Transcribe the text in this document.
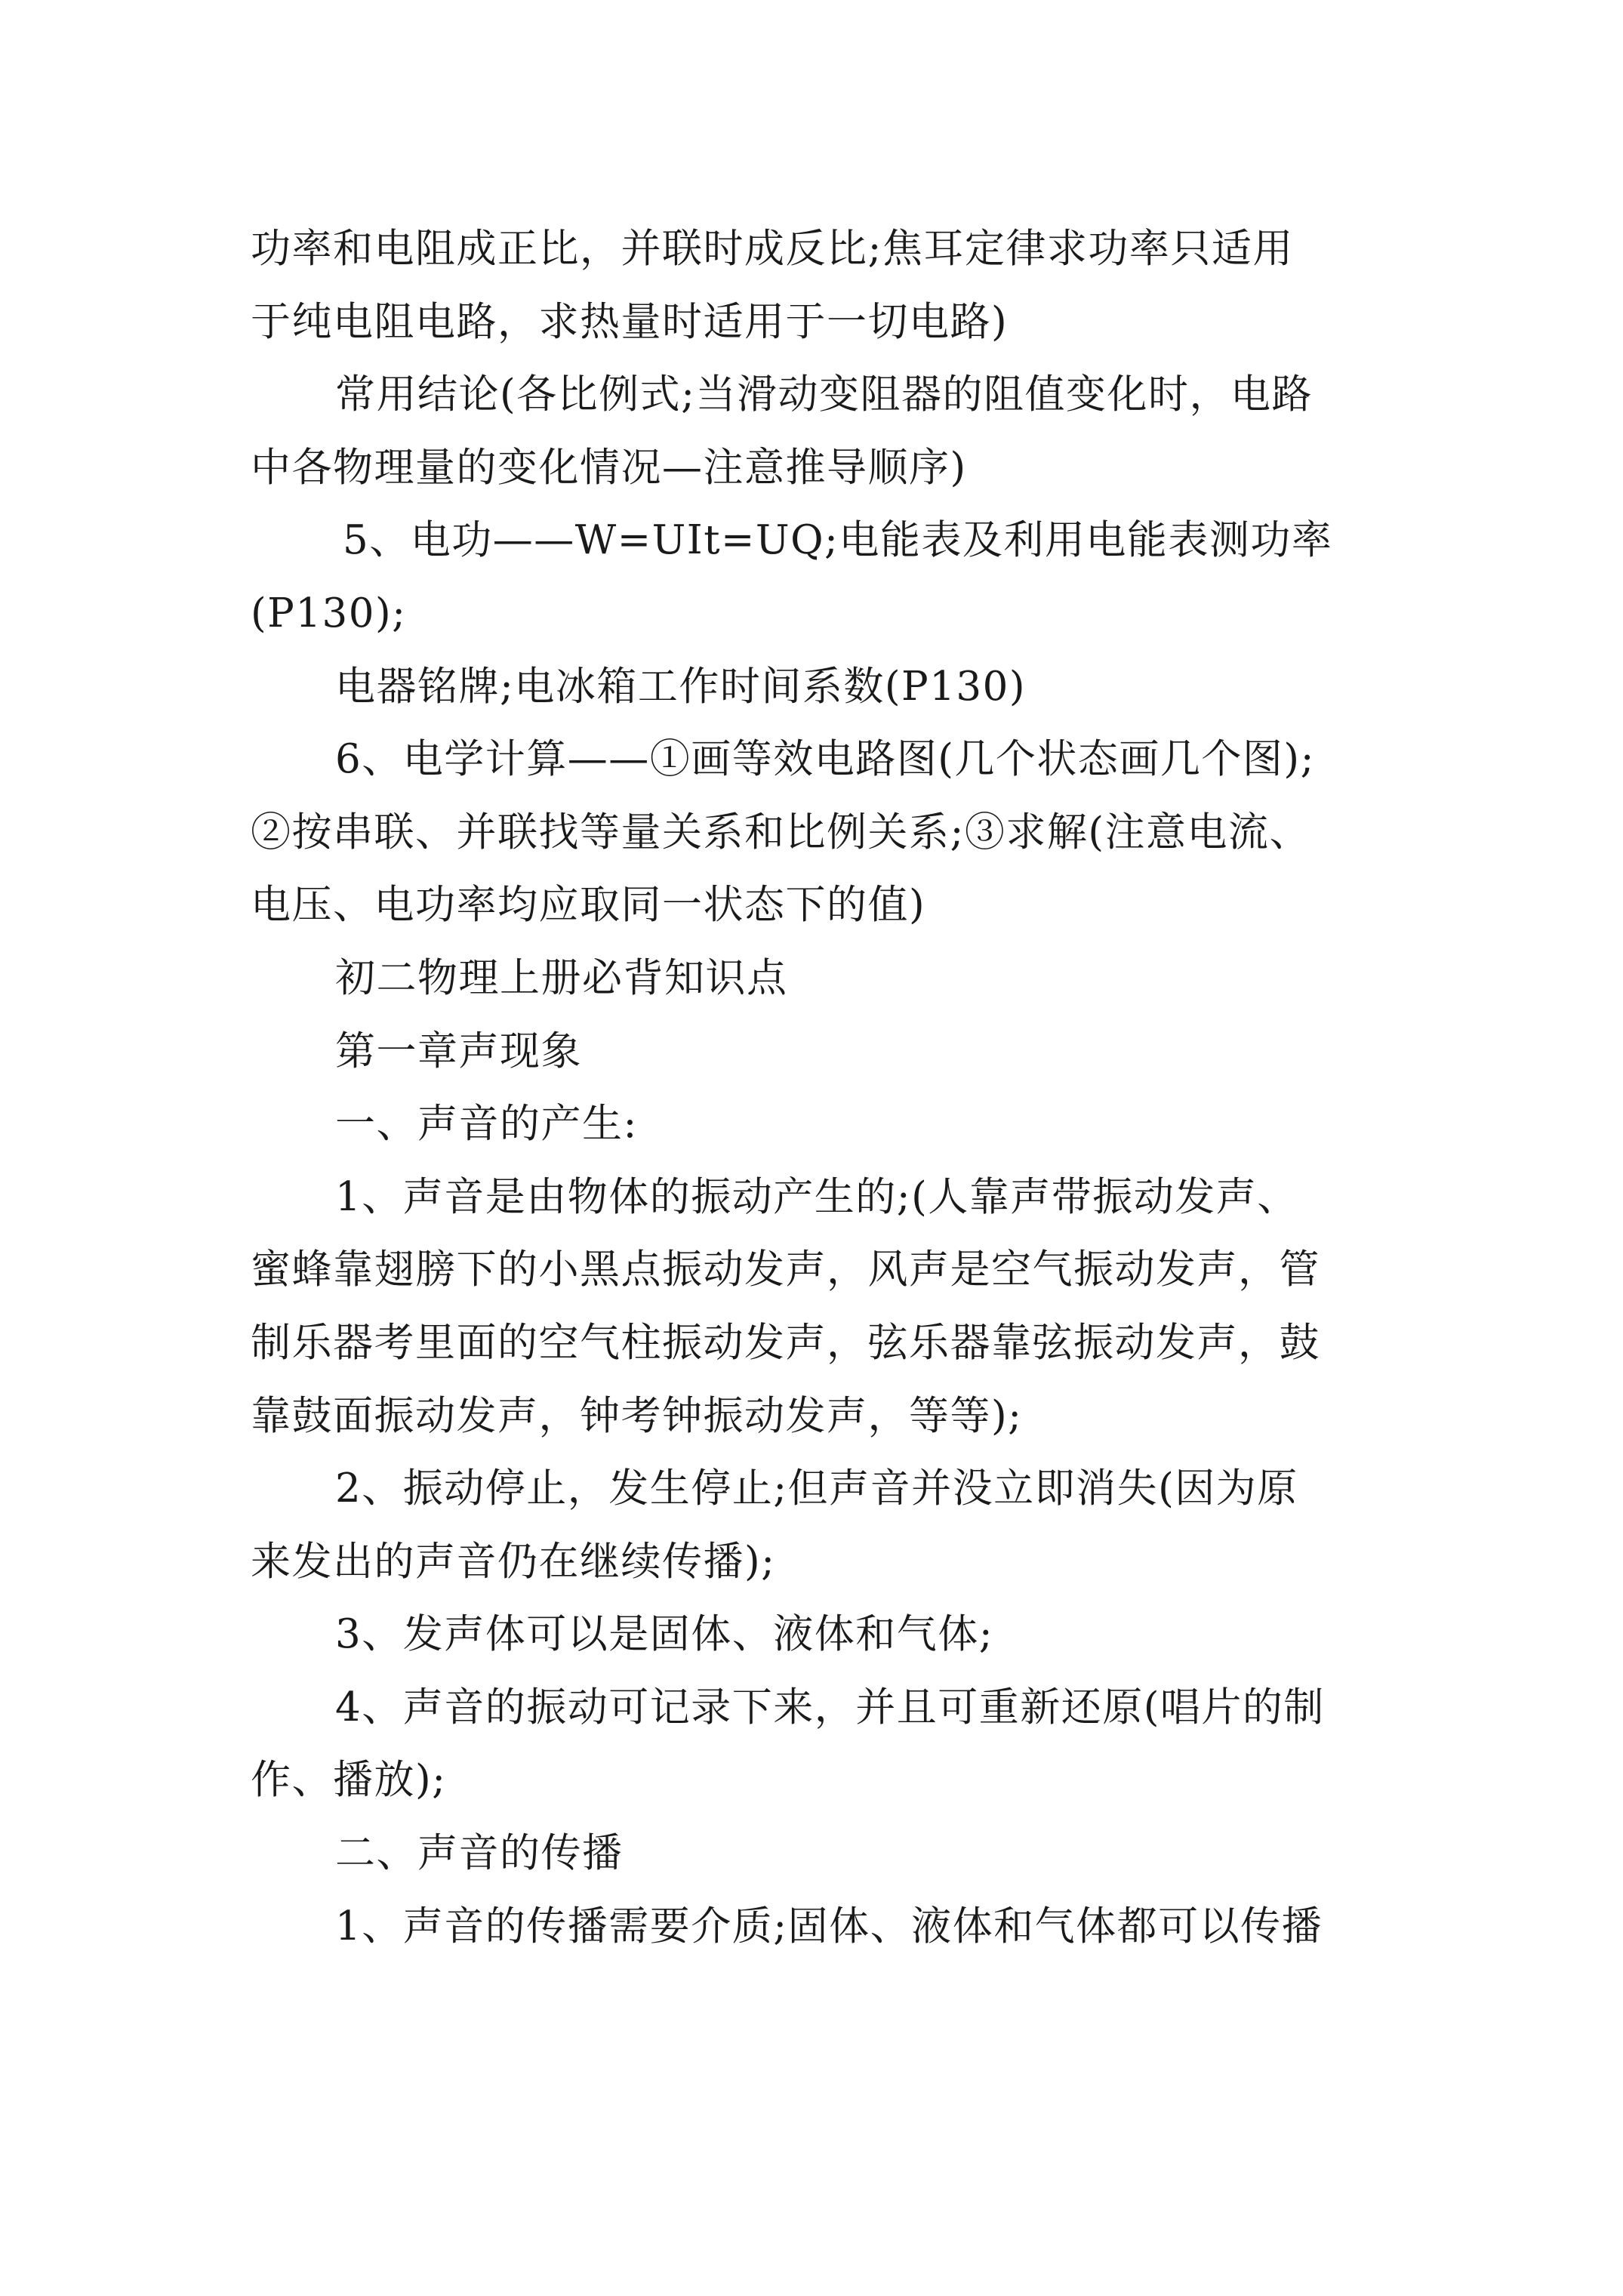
功率和电阻成正比，并联时成反比;焦耳定律求功率只适用

于纯电阻电路，求热量时适用于一切电路)

常用结论(各比例式;当滑动变阻器的阻值变化时，电路

中各物理量的变化情况—注意推导顺序)

5、电功——W=UIt=UQ;电能表及利用电能表测功率

(P130);

电器铭牌;电冰箱工作时间系数(P130)

6、电学计算——①画等效电路图(几个状态画几个图);

②按串联、并联找等量关系和比例关系;③求解(注意电流、

电压、电功率均应取同一状态下的值)

初二物理上册必背知识点

第一章声现象

一、声音的产生:

1、声音是由物体的振动产生的;(人靠声带振动发声、

蜜蜂靠翅膀下的小黑点振动发声，风声是空气振动发声，管

制乐器考里面的空气柱振动发声，弦乐器靠弦振动发声，鼓

靠鼓面振动发声，钟考钟振动发声，等等);

2、振动停止，发生停止;但声音并没立即消失(因为原

来发出的声音仍在继续传播);

3、发声体可以是固体、液体和气体;

4、声音的振动可记录下来，并且可重新还原(唱片的制

作、播放);

二、声音的传播

1、声音的传播需要介质;固体、液体和气体都可以传播
